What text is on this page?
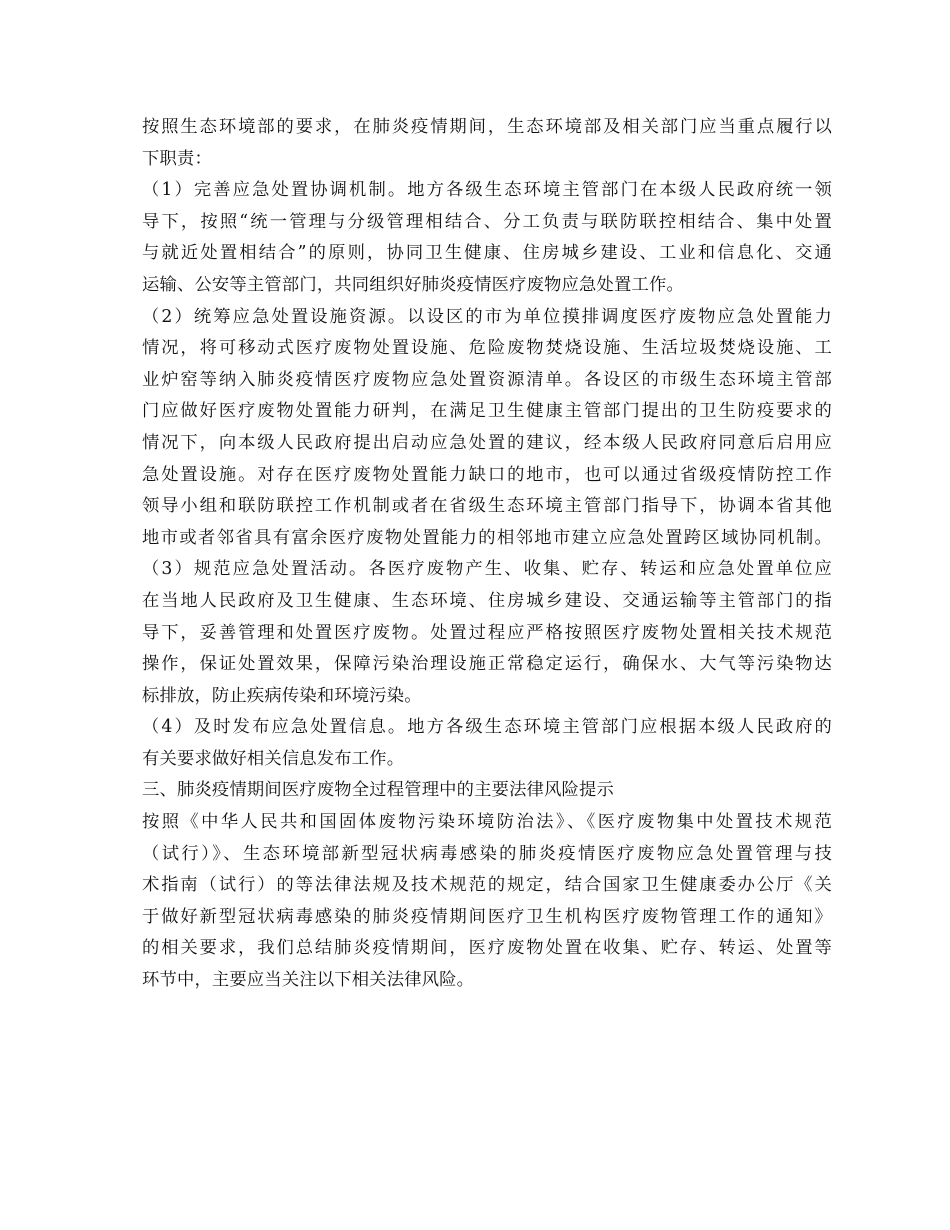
按照生态环境部的要求，在肺炎疫情期间，生态环境部及相关部门应当重点履行以
下职责：
（1）完善应急处置协调机制。地方各级生态环境主管部门在本级人民政府统一领
导下，按照“统一管理与分级管理相结合、分工负责与联防联控相结合、集中处置
与就近处置相结合”的原则，协同卫生健康、住房城乡建设、工业和信息化、交通
运输、公安等主管部门，共同组织好肺炎疫情医疗废物应急处置工作。
（2）统筹应急处置设施资源。以设区的市为单位摸排调度医疗废物应急处置能力
情况，将可移动式医疗废物处置设施、危险废物焚烧设施、生活垃圾焚烧设施、工
业炉窑等纳入肺炎疫情医疗废物应急处置资源清单。各设区的市级生态环境主管部
门应做好医疗废物处置能力研判，在满足卫生健康主管部门提出的卫生防疫要求的
情况下，向本级人民政府提出启动应急处置的建议，经本级人民政府同意后启用应
急处置设施。对存在医疗废物处置能力缺口的地市，也可以通过省级疫情防控工作
领导小组和联防联控工作机制或者在省级生态环境主管部门指导下，协调本省其他
地市或者邻省具有富余医疗废物处置能力的相邻地市建立应急处置跨区域协同机制。
（3）规范应急处置活动。各医疗废物产生、收集、贮存、转运和应急处置单位应
在当地人民政府及卫生健康、生态环境、住房城乡建设、交通运输等主管部门的指
导下，妥善管理和处置医疗废物。处置过程应严格按照医疗废物处置相关技术规范
操作，保证处置效果，保障污染治理设施正常稳定运行，确保水、大气等污染物达
标排放，防止疾病传染和环境污染。
（4）及时发布应急处置信息。地方各级生态环境主管部门应根据本级人民政府的
有关要求做好相关信息发布工作。
三、肺炎疫情期间医疗废物全过程管理中的主要法律风险提示
按照《中华人民共和国固体废物污染环境防治法》、《医疗废物集中处置技术规范
（试行）》、生态环境部新型冠状病毒感染的肺炎疫情医疗废物应急处置管理与技
术指南（试行）的等法律法规及技术规范的规定，结合国家卫生健康委办公厅《关
于做好新型冠状病毒感染的肺炎疫情期间医疗卫生机构医疗废物管理工作的通知》
的相关要求，我们总结肺炎疫情期间，医疗废物处置在收集、贮存、转运、处置等
环节中，主要应当关注以下相关法律风险。
